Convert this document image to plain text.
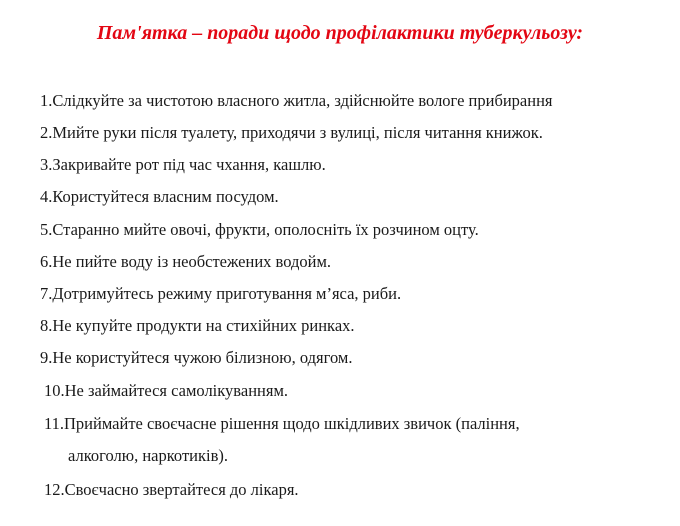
Пам'ятка – поради щодо профілактики туберкульозу:
1.Слідкуйте за чистотою власного житла, здійснюйте вологе прибирання
2.Мийте руки після туалету, приходячи з вулиці, після читання книжок.
3.Закривайте рот під час чхання, кашлю.
4.Користуйтеся власним посудом.
5.Старанно мийте овочі, фрукти, ополосніть їх розчином оцту.
6.Не пийте воду із необстежених водойм.
7.Дотримуйтесь режиму приготування м’яса, риби.
8.Не купуйте продукти на стихійних ринках.
9.Не користуйтеся чужою білизною, одягом.
10.Не займайтеся самолікуванням.
11.Приймайте своєчасне рішення щодо шкідливих звичок (паління,
алкоголю, наркотиків).
12.Своєчасно звертайтеся до лікаря.
